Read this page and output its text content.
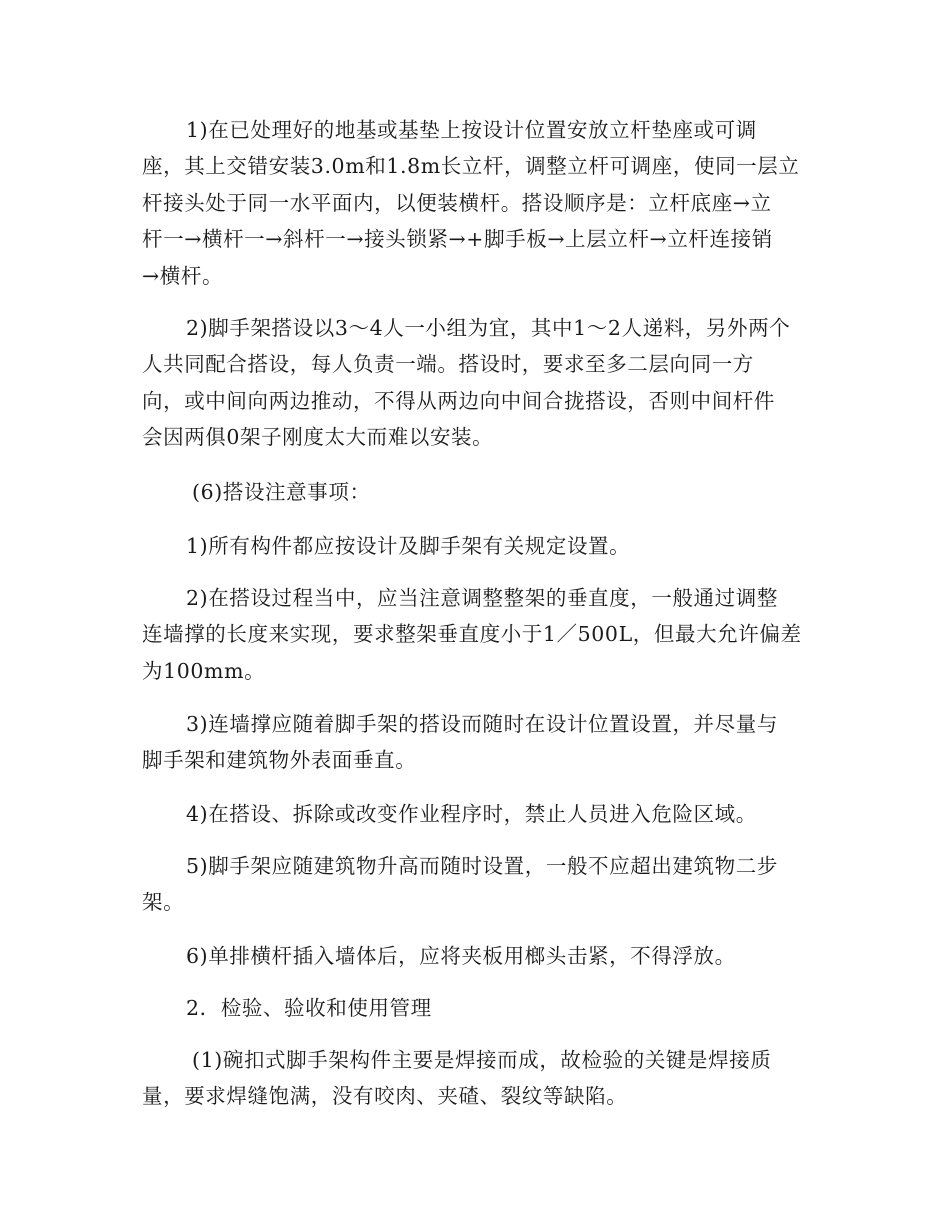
1)在已处理好的地基或基垫上按设计位置安放立杆垫座或可调
座，其上交错安装3.0m和1.8m长立杆，调整立杆可调座，使同一层立
杆接头处于同一水平面内，以便装横杆。搭设顺序是：立杆底座→立
杆一→横杆一→斜杆一→接头锁紧→+脚手板→上层立杆→立杆连接销
→横杆。
2)脚手架搭设以3～4人一小组为宜，其中1～2人递料，另外两个
人共同配合搭设，每人负责一端。搭设时，要求至多二层向同一方
向，或中间向两边推动，不得从两边向中间合拢搭设，否则中间杆件
会因两俱0架子刚度太大而难以安装。
(6)搭设注意事项：
1)所有构件都应按设计及脚手架有关规定设置。
2)在搭设过程当中，应当注意调整整架的垂直度，一般通过调整
连墙撑的长度来实现，要求整架垂直度小于1／500L，但最大允许偏差
为100mm。
3)连墙撑应随着脚手架的搭设而随时在设计位置设置，并尽量与
脚手架和建筑物外表面垂直。
4)在搭设、拆除或改变作业程序时，禁止人员进入危险区域。
5)脚手架应随建筑物升高而随时设置，一般不应超出建筑物二步
架。
6)单排横杆插入墙体后，应将夹板用榔头击紧，不得浮放。
2．检验、验收和使用管理
(1)碗扣式脚手架构件主要是焊接而成，故检验的关键是焊接质
量，要求焊缝饱满，没有咬肉、夹碴、裂纹等缺陷。
